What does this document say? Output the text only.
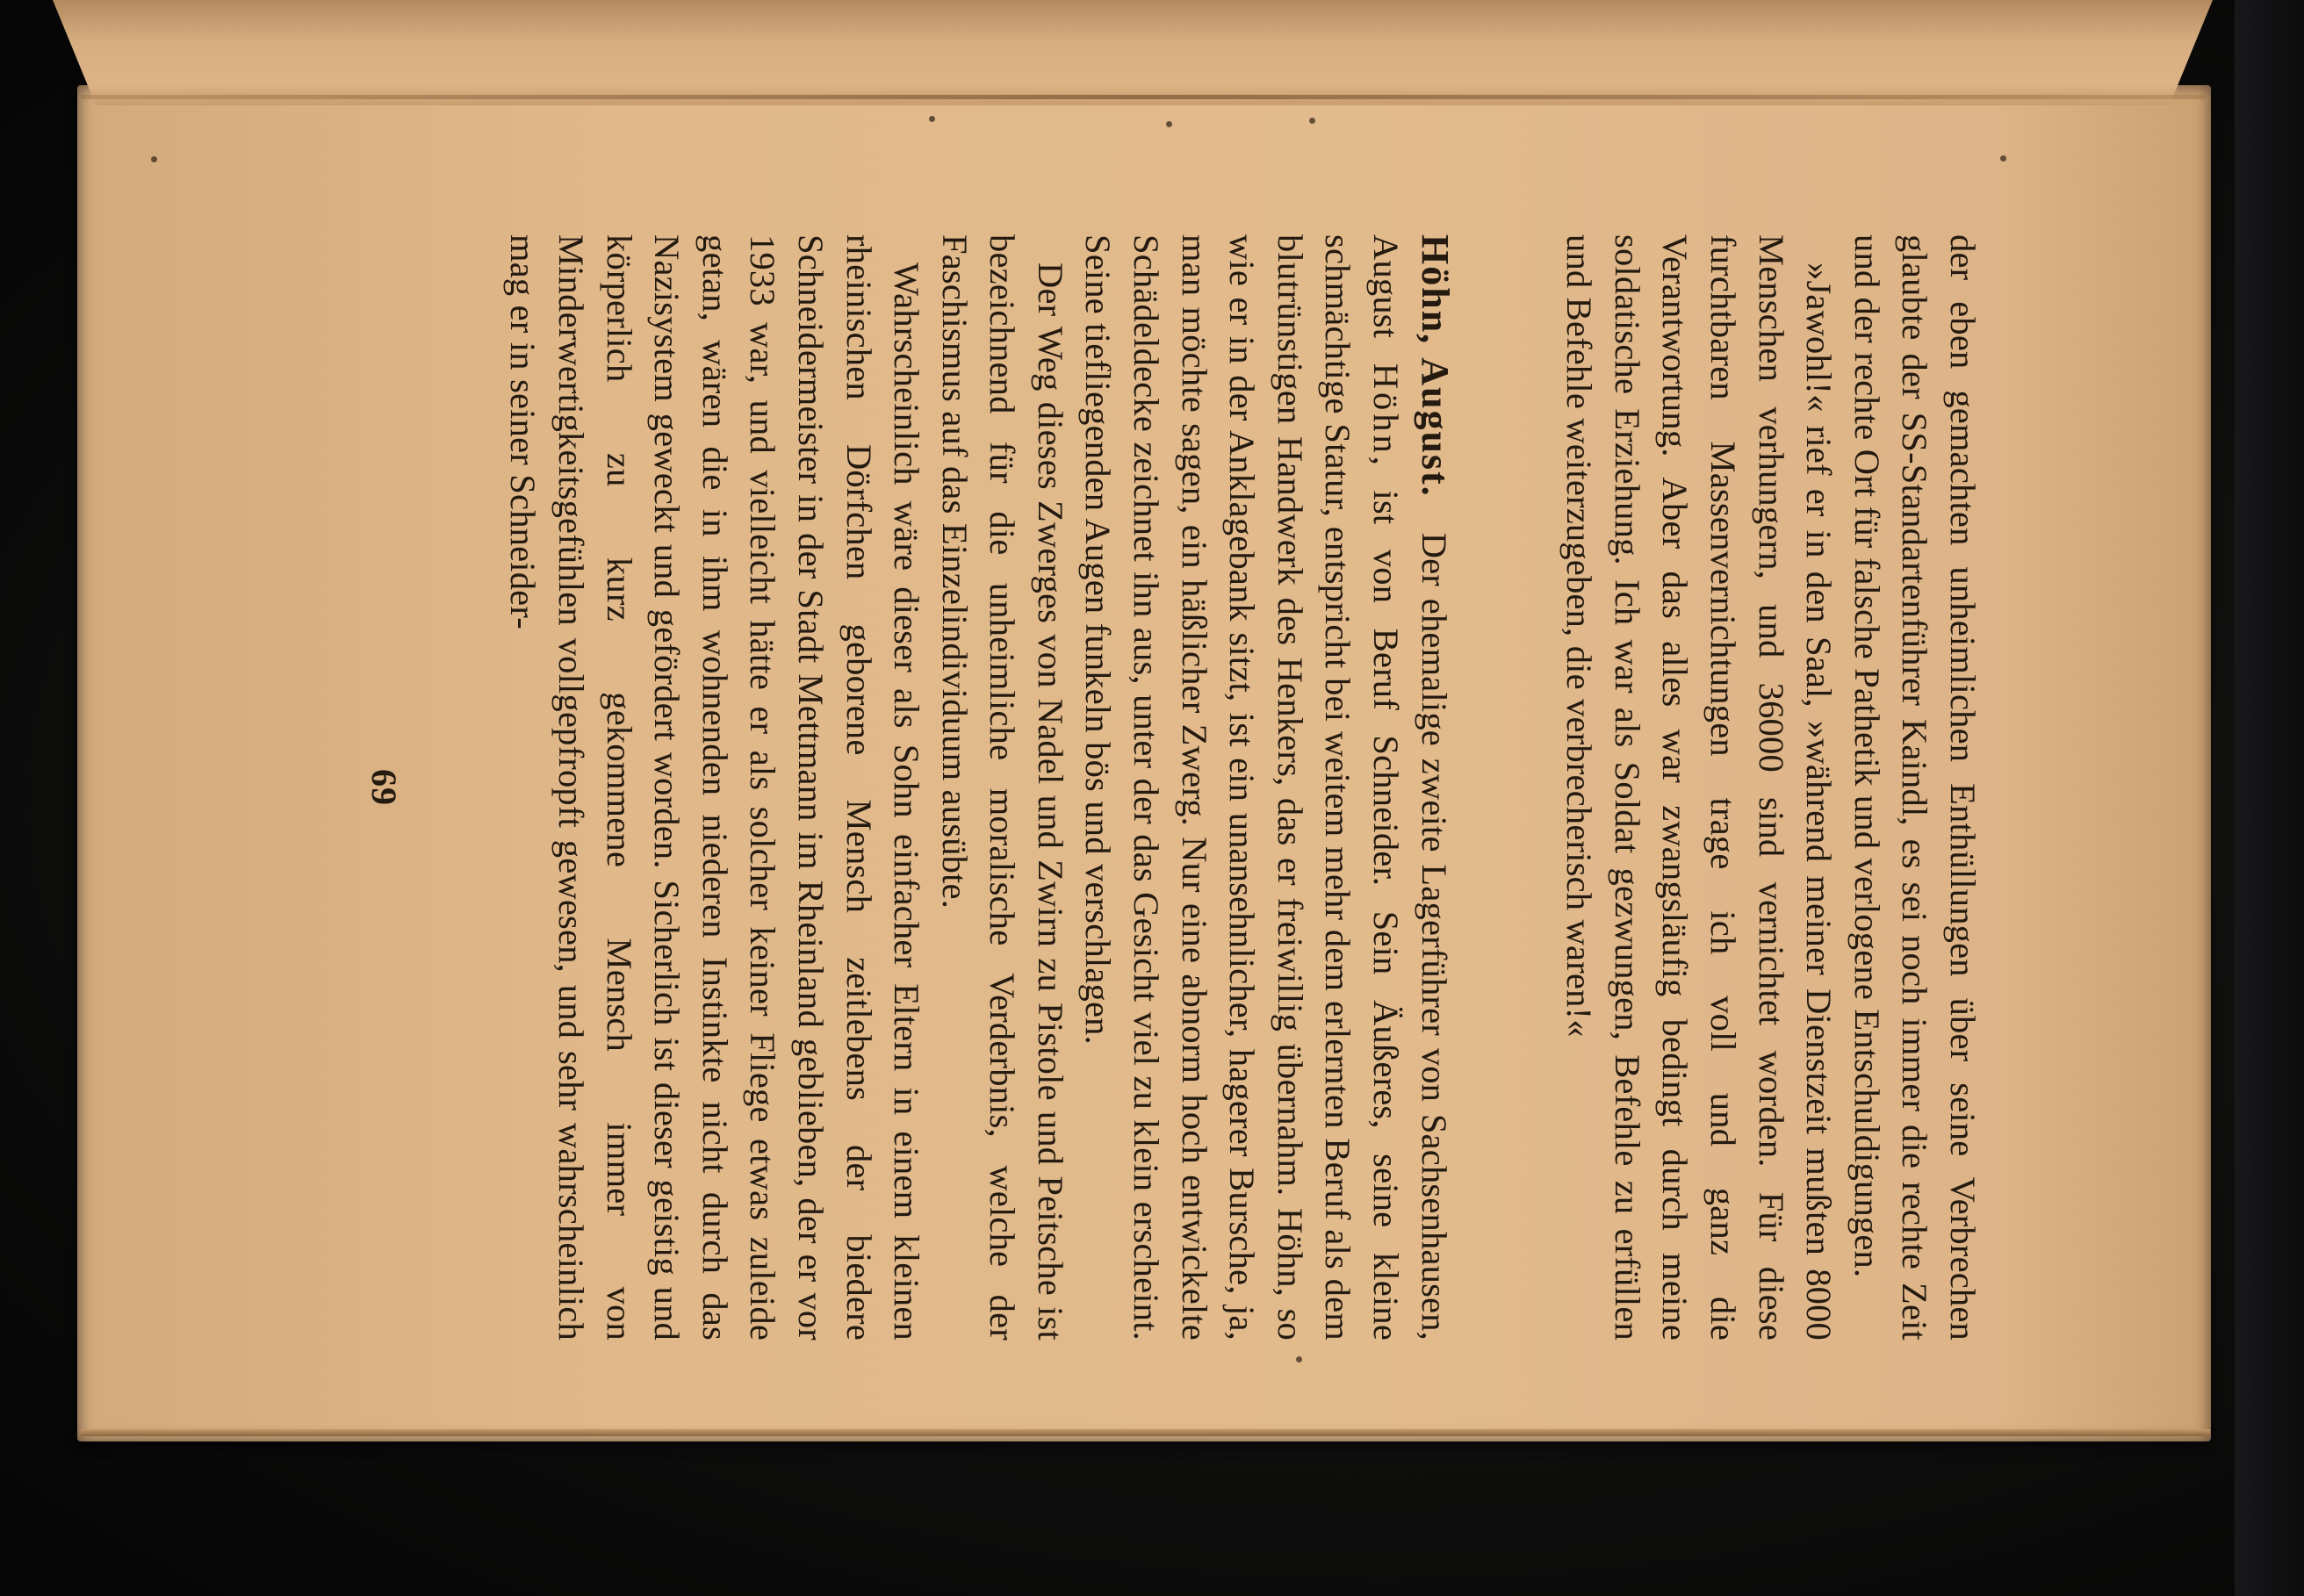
der eben gemachten unheimlichen Enthüllungen über seine Verbrechen glaubte der SS-Standartenführer Kaindl, es sei noch immer die rechte Zeit und der rechte Ort für falsche Pathetik und verlogene Entschuldigungen.

»Jawohl!« rief er in den Saal, »während meiner Dienstzeit mußten 8000 Menschen verhungern, und 36000 sind vernichtet worden. Für diese furchtbaren Massenvernichtungen trage ich voll und ganz die Verantwortung. Aber das alles war zwangsläufig bedingt durch meine soldatische Erziehung. Ich war als Soldat gezwungen, Befehle zu erfüllen und Befehle weiterzugeben, die verbrecherisch waren!«

Höhn, August.Der ehemalige zweite Lagerführer von Sachsenhausen, August Höhn, ist von Beruf Schneider. Sein Äußeres, seine kleine schmächtige Statur, entspricht bei weitem mehr dem erlernten Beruf als dem blutrünstigen Handwerk des Henkers, das er freiwillig übernahm. Höhn, so wie er in der Anklagebank sitzt, ist ein unansehnlicher, hagerer Bursche, ja, man möchte sagen, ein häßlicher Zwerg. Nur eine abnorm hoch entwickelte Schädeldecke zeichnet ihn aus, unter der das Gesicht viel zu klein erscheint. Seine tiefliegenden Augen funkeln bös und verschlagen.

Der Weg dieses Zwerges von Nadel und Zwirn zu Pistole und Peitsche ist bezeichnend für die unheimliche moralische Verderbnis, welche der Faschismus auf das Einzelindividuum ausübte.

Wahrscheinlich wäre dieser als Sohn einfacher Eltern in einem kleinen rheinischen Dörfchen geborene Mensch zeitlebens der biedere Schneidermeister in der Stadt Mettmann im Rheinland geblieben, der er vor 1933 war, und vielleicht hätte er als solcher keiner Fliege etwas zuleide getan, wären die in ihm wohnenden niederen Instinkte nicht durch das Nazisystem geweckt und gefördert worden. Sicherlich ist dieser geistig und körperlich zu kurz gekommene Mensch immer von Minderwertigkeitsgefühlen vollgepfropft gewesen, und sehr wahrscheinlich mag er in seiner Schneider-

69
